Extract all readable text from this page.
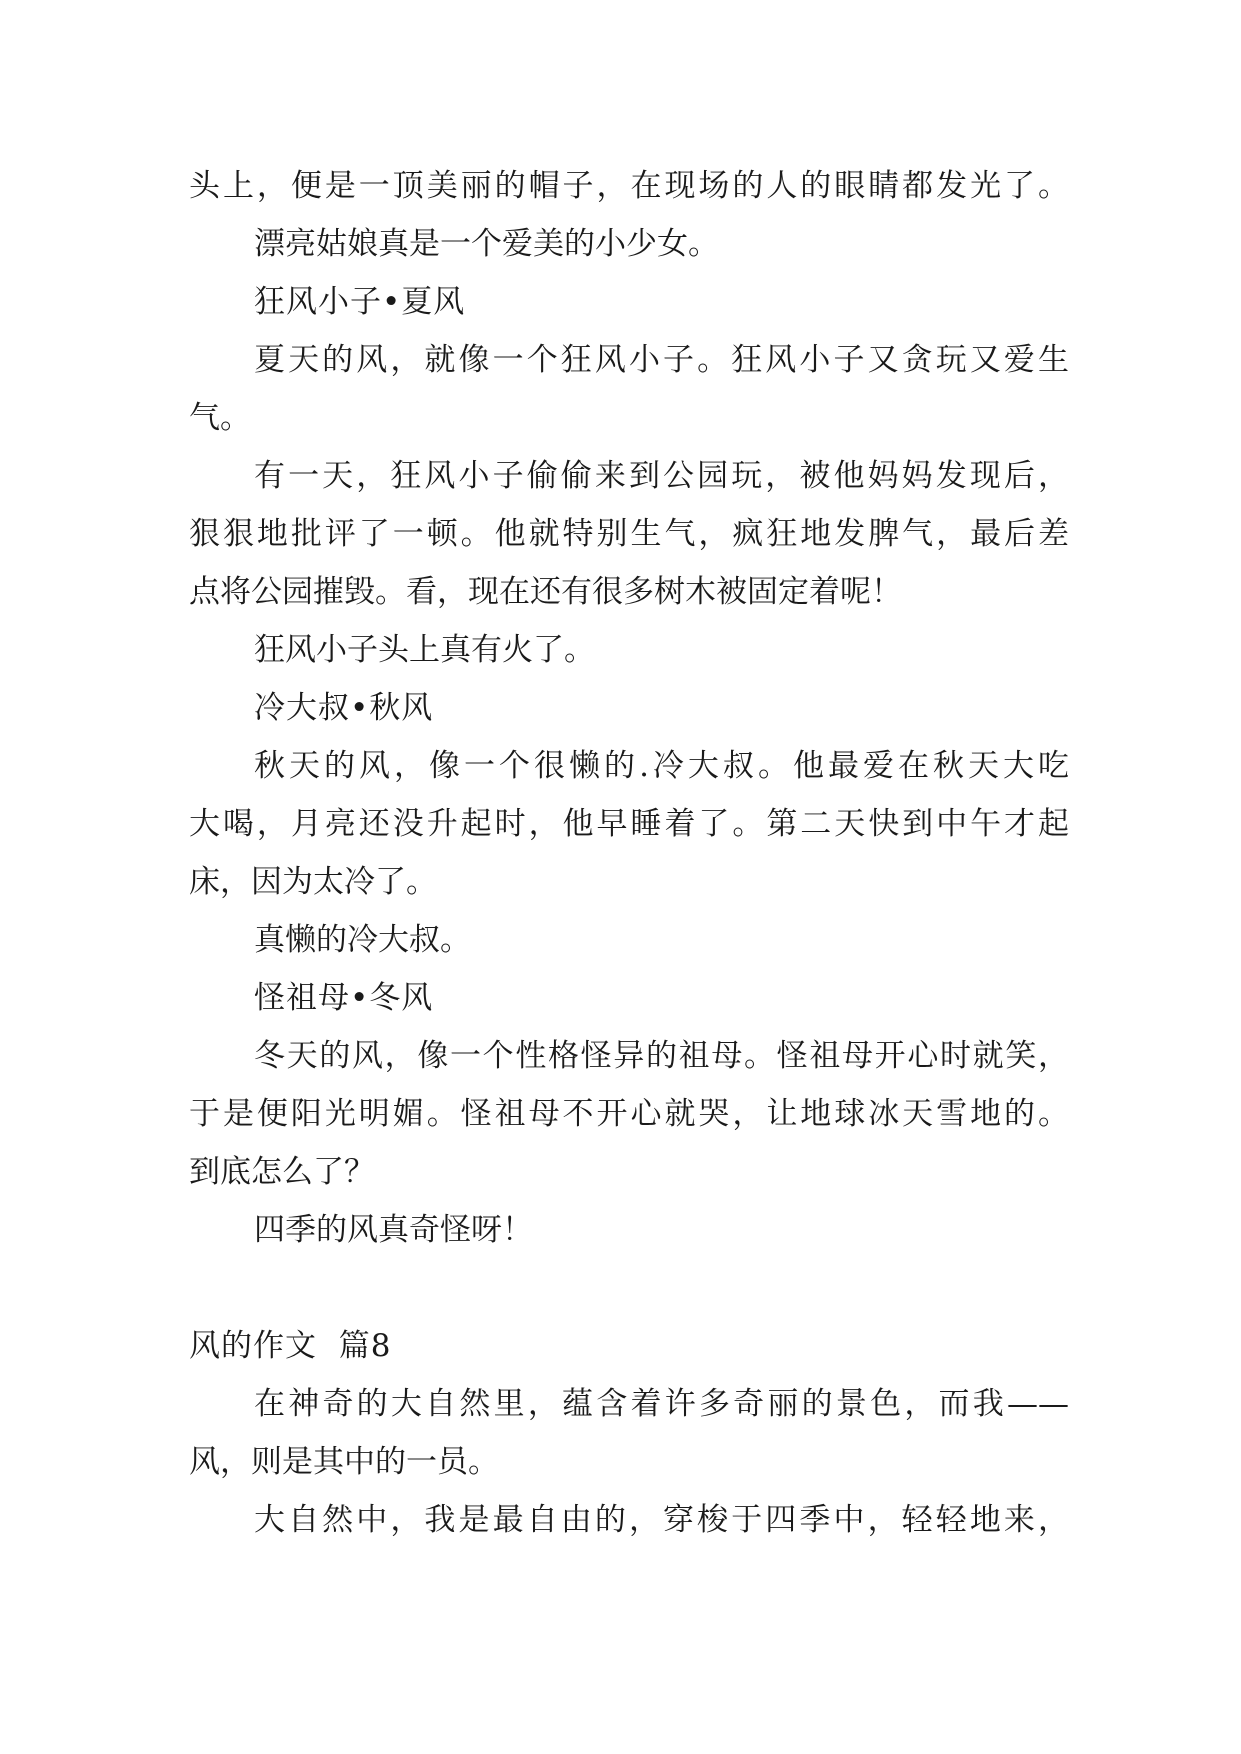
头上，便是一顶美丽的帽子，在现场的人的眼睛都发光了。
漂亮姑娘真是一个爱美的小少女。
狂风小子•夏风
夏天的风，就像一个狂风小子。狂风小子又贪玩又爱生
气。
有一天，狂风小子偷偷来到公园玩，被他妈妈发现后，
狠狠地批评了一顿。他就特别生气，疯狂地发脾气，最后差
点将公园摧毁。看，现在还有很多树木被固定着呢！
狂风小子头上真有火了。
冷大叔•秋风
秋天的风，像一个很懒的.冷大叔。他最爱在秋天大吃
大喝，月亮还没升起时，他早睡着了。第二天快到中午才起
床，因为太冷了。
真懒的冷大叔。
怪祖母•冬风
冬天的风，像一个性格怪异的祖母。怪祖母开心时就笑，
于是便阳光明媚。怪祖母不开心就哭，让地球冰天雪地的。
到底怎么了？
四季的风真奇怪呀！
风的作文  篇8
在神奇的大自然里，蕴含着许多奇丽的景色，而我——
风，则是其中的一员。
大自然中，我是最自由的，穿梭于四季中，轻轻地来，
